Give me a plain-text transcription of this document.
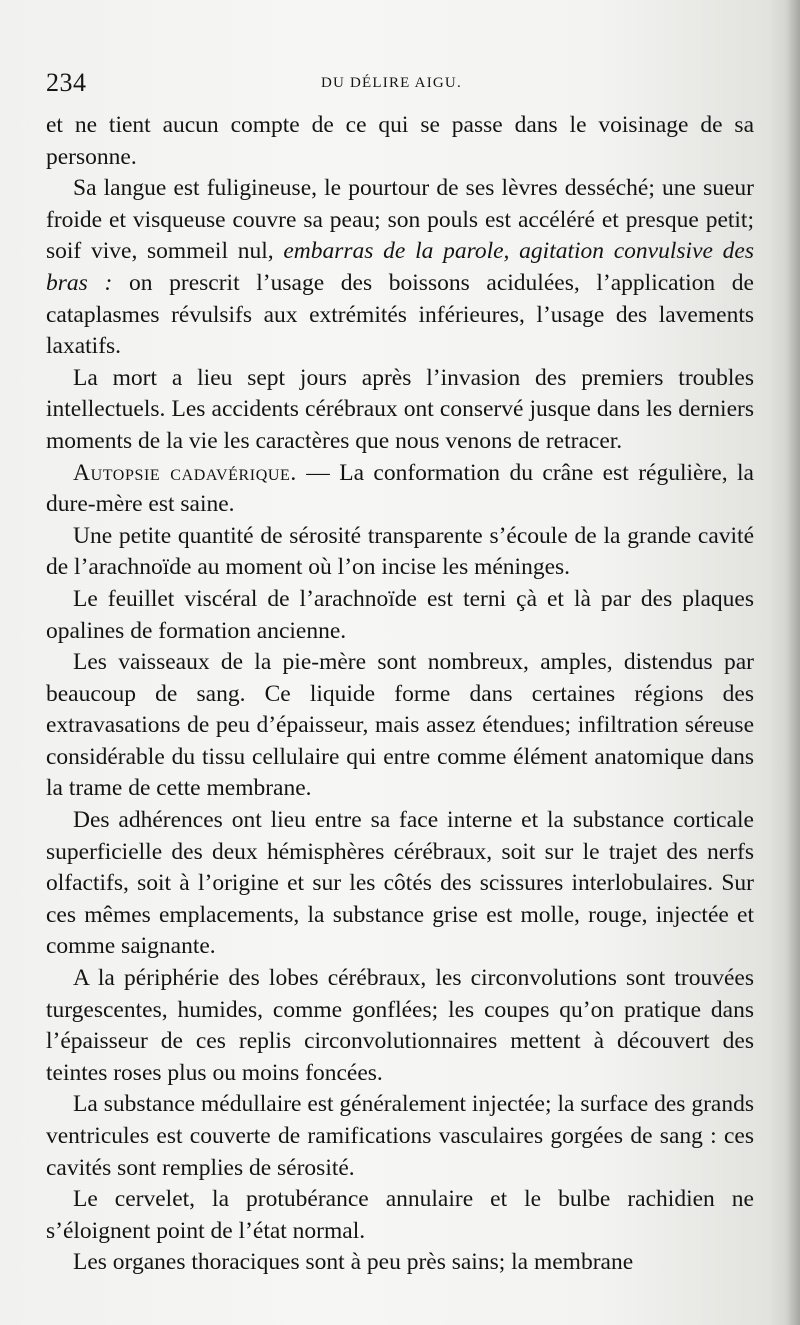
234	DU DÉLIRE AIGU.

et ne tient aucun compte de ce qui se passe dans le voisinage de sa personne.

Sa langue est fuligineuse, le pourtour de ses lèvres desséché; une sueur froide et visqueuse couvre sa peau; son pouls est accéléré et presque petit; soif vive, sommeil nul, embarras de la parole, agitation convulsive des bras : on prescrit l’usage des boissons acidulées, l’application de cataplasmes révulsifs aux extrémités inférieures, l’usage des lavements laxatifs.

La mort a lieu sept jours après l’invasion des premiers troubles intellectuels. Les accidents cérébraux ont conservé jusque dans les derniers moments de la vie les caractères que nous venons de retracer.

Autopsie cadavérique. — La conformation du crâne est régulière, la dure-mère est saine.

Une petite quantité de sérosité transparente s’écoule de la grande cavité de l’arachnoïde au moment où l’on incise les méninges.

Le feuillet viscéral de l’arachnoïde est terni çà et là par des plaques opalines de formation ancienne.

Les vaisseaux de la pie-mère sont nombreux, amples, distendus par beaucoup de sang. Ce liquide forme dans certaines régions des extravasations de peu d’épaisseur, mais assez étendues; infiltration séreuse considérable du tissu cellulaire qui entre comme élément anatomique dans la trame de cette membrane.

Des adhérences ont lieu entre sa face interne et la substance corticale superficielle des deux hémisphères cérébraux, soit sur le trajet des nerfs olfactifs, soit à l’origine et sur les côtés des scissures interlobulaires. Sur ces mêmes emplacements, la substance grise est molle, rouge, injectée et comme saignante.

A la périphérie des lobes cérébraux, les circonvolutions sont trouvées turgescentes, humides, comme gonflées; les coupes qu’on pratique dans l’épaisseur de ces replis circonvolutionnaires mettent à découvert des teintes roses plus ou moins foncées.

La substance médullaire est généralement injectée; la surface des grands ventricules est couverte de ramifications vasculaires gorgées de sang : ces cavités sont remplies de sérosité.

Le cervelet, la protubérance annulaire et le bulbe rachidien ne s’éloignent point de l’état normal.

Les organes thoraciques sont à peu près sains; la membrane
